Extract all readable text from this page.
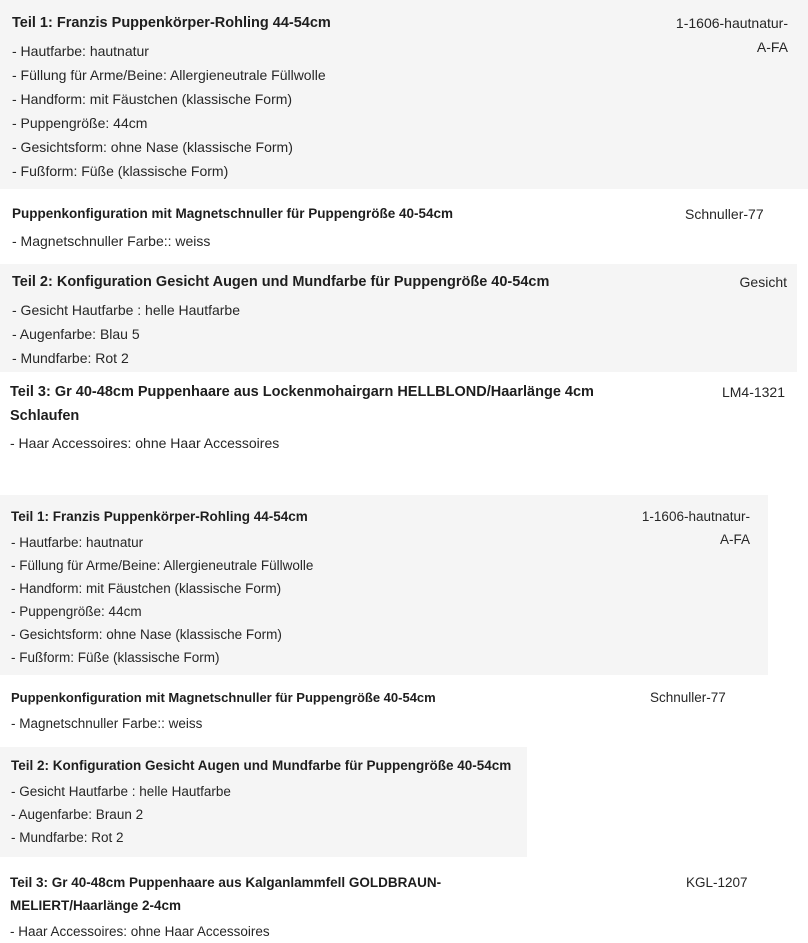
Teil 1: Franzis Puppenkörper-Rohling 44-54cm
- Hautfarbe: hautnatur
- Füllung für Arme/Beine: Allergieneutrale Füllwolle
- Handform: mit Fäustchen (klassische Form)
- Puppengröße: 44cm
- Gesichtsform: ohne Nase (klassische Form)
- Fußform: Füße (klassische Form)
1-1606-hautnatur-
A-FA
Puppenkonfiguration mit Magnetschnuller für Puppengröße 40-54cm
- Magnetschnuller Farbe:: weiss
Schnuller-77
Teil 2: Konfiguration Gesicht Augen und Mundfarbe für Puppengröße 40-54cm
- Gesicht Hautfarbe : helle Hautfarbe
- Augenfarbe: Blau 5
- Mundfarbe: Rot 2
Gesicht
Teil 3: Gr 40-48cm Puppenhaare aus Lockenmohairgarn HELLBLOND/Haarlänge 4cm
Schlaufen
- Haar Accessoires: ohne Haar Accessoires
LM4-1321
Teil 1: Franzis Puppenkörper-Rohling 44-54cm
- Hautfarbe: hautnatur
- Füllung für Arme/Beine: Allergieneutrale Füllwolle
- Handform: mit Fäustchen (klassische Form)
- Puppengröße: 44cm
- Gesichtsform: ohne Nase (klassische Form)
- Fußform: Füße (klassische Form)
1-1606-hautnatur-
A-FA
Puppenkonfiguration mit Magnetschnuller für Puppengröße 40-54cm
- Magnetschnuller Farbe:: weiss
Schnuller-77
Teil 2: Konfiguration Gesicht Augen und Mundfarbe für Puppengröße 40-54cm
- Gesicht Hautfarbe : helle Hautfarbe
- Augenfarbe: Braun 2
- Mundfarbe: Rot 2
Teil 3: Gr 40-48cm Puppenhaare aus Kalganlammfell GOLDBRAUN-
MELIERT/Haarlänge 2-4cm
- Haar Accessoires: ohne Haar Accessoires
KGL-1207
